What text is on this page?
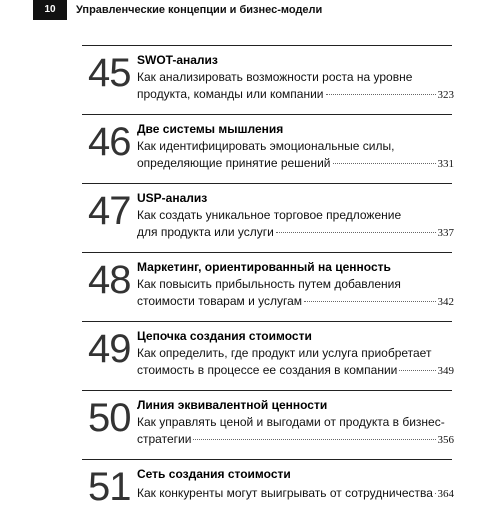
10	Управленческие концепции и бизнес-модели
45 SWOT-анализ
Как анализировать возможности роста на уровне
продукта, команды или компании	323
46 Две системы мышления
Как идентифицировать эмоциональные силы,
определяющие принятие решений	331
47 USP-анализ
Как создать уникальное торговое предложение
для продукта или услуги	337
48 Маркетинг, ориентированный на ценность
Как повысить прибыльность путем добавления
стоимости товарам и услугам	342
49 Цепочка создания стоимости
Как определить, где продукт или услуга приобретает
стоимость в процессе ее создания в компании	349
50 Линия эквивалентной ценности
Как управлять ценой и выгодами от продукта в бизнес-
стратегии	356
51 Сеть создания стоимости
Как конкуренты могут выигрывать от сотрудничества 364
